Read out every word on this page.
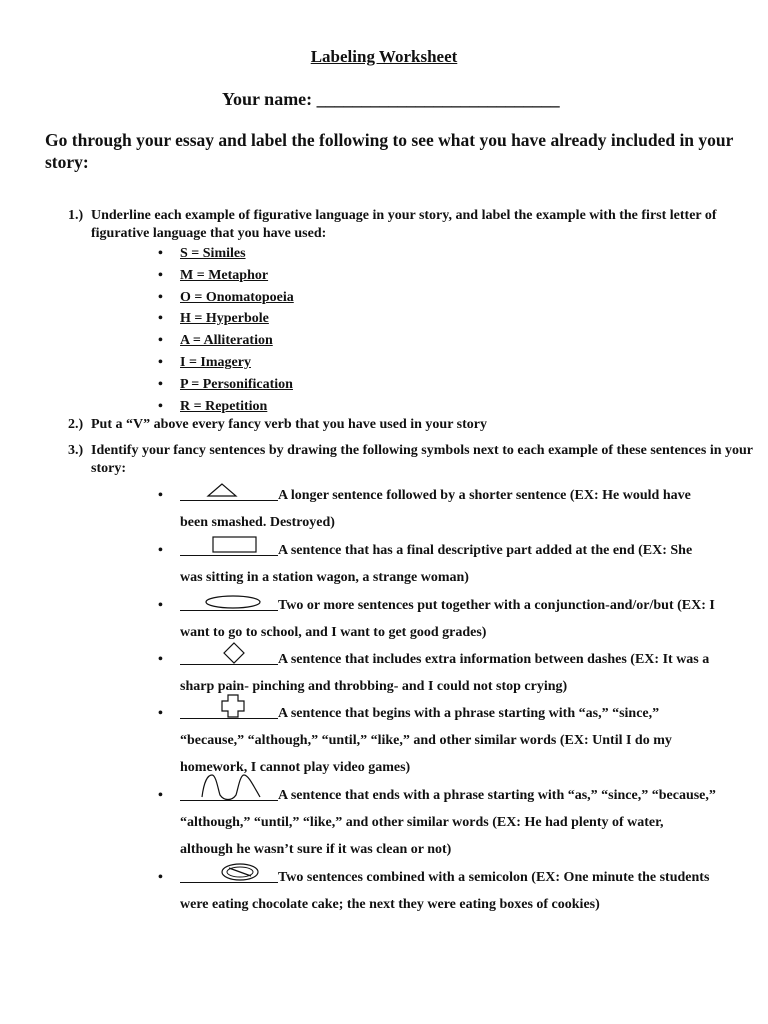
Labeling Worksheet
Your name: ___________________________
Go through your essay and label the following to see what you have already included in your story:
1.) Underline each example of figurative language in your story, and label the example with the first letter of figurative language that you have used:
• S = Similes
• M = Metaphor
• O = Onomatopoeia
• H = Hyperbole
• A = Alliteration
• I = Imagery
• P = Personification
• R = Repetition
2.) Put a “V” above every fancy verb that you have used in your story
3.) Identify your fancy sentences by drawing the following symbols next to each example of these sentences in your story:
•	A longer sentence followed by a shorter sentence (EX: He would have been smashed. Destroyed)
•	A sentence that has a final descriptive part added at the end (EX: She was sitting in a station wagon, a strange woman)
•	Two or more sentences put together with a conjunction-and/or/but (EX: I want to go to school, and I want to get good grades)
•	A sentence that includes extra information between dashes (EX: It was a sharp pain- pinching and throbbing- and I could not stop crying)
•	A sentence that begins with a phrase starting with “as,” “since,” “because,” “although,” “until,” “like,” and other similar words (EX: Until I do my homework, I cannot play video games)
•	A sentence that ends with a phrase starting with “as,” “since,” “because,” “although,” “until,” “like,” and other similar words (EX: He had plenty of water, although he wasn’t sure if it was clean or not)
•	Two sentences combined with a semicolon (EX: One minute the students were eating chocolate cake; the next they were eating boxes of cookies)
